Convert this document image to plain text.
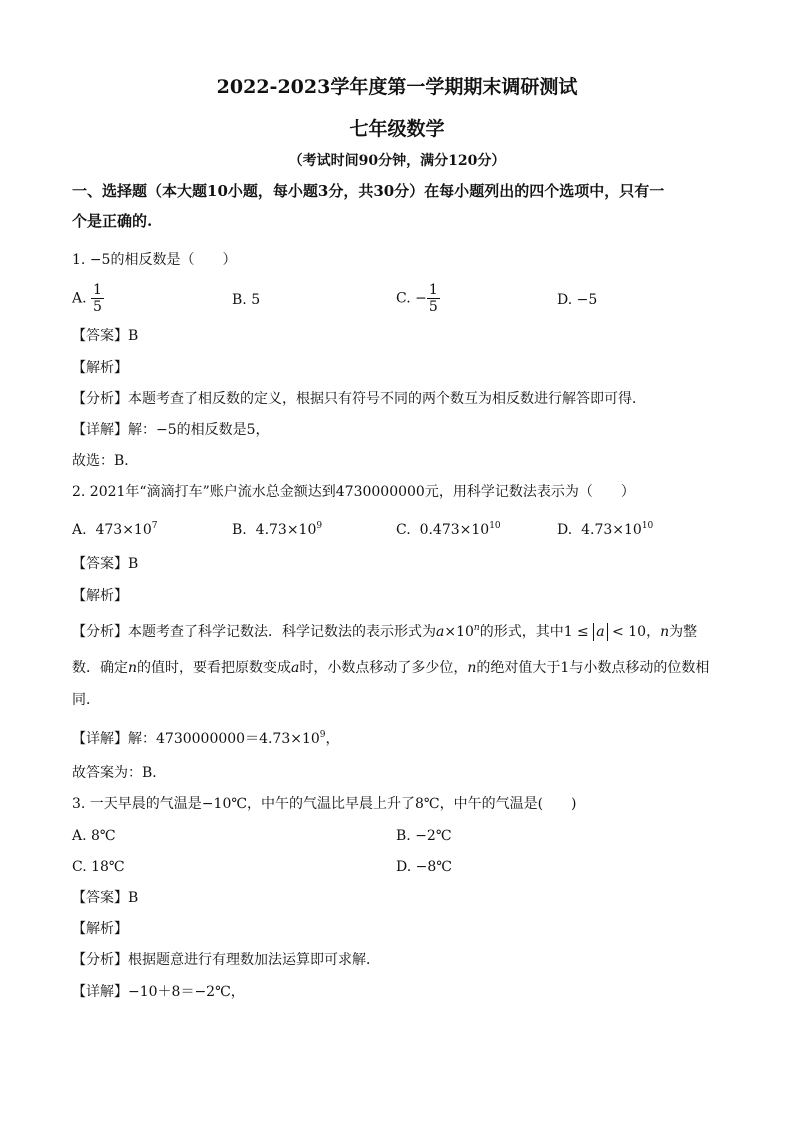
2022-2023学年度第一学期期末调研测试
七年级数学
（考试时间90分钟，满分120分）
一、选择题（本大题10小题，每小题3分，共30分）在每小题列出的四个选项中，只有一
个是正确的.
1. −5的相反数是（　　）
A. $\frac{1}{5}$	B. 5	C. − $\frac{1}{5}$	D. −5
【答案】B
【解析】
【分析】本题考查了相反数的定义，根据只有符号不同的两个数互为相反数进行解答即可得．
【详解】解：−5的相反数是5，
故选：B．
2. 2021年“滴滴打车”账户流水总金额达到4730000000元，用科学记数法表示为（　　）
A. $473\times 10^7$	B. $4.73\times 10^9$	C. $0.473\times 10^{10}$	D. $4.73\times 10^{10}$
【答案】B
【解析】
【分析】本题考查了科学记数法．科学记数法的表示形式为$a\times 10^n$的形式，其中1 ≤ a < 10，n为整
数．确定n的值时，要看把原数变成a时，小数点移动了多少位，n的绝对值大于1与小数点移动的位数相
同．
【详解】解：$4730000000=4.73\times 10^9$，
故答案为：B．
3. 一天早晨的气温是−10℃，中午的气温比早晨上升了8℃，中午的气温是(　　)
A. 8℃	B. −2℃
C. 18℃	D. −8℃
【答案】B
【解析】
【分析】根据题意进行有理数加法运算即可求解．
【详解】−10＋8＝−2℃，
